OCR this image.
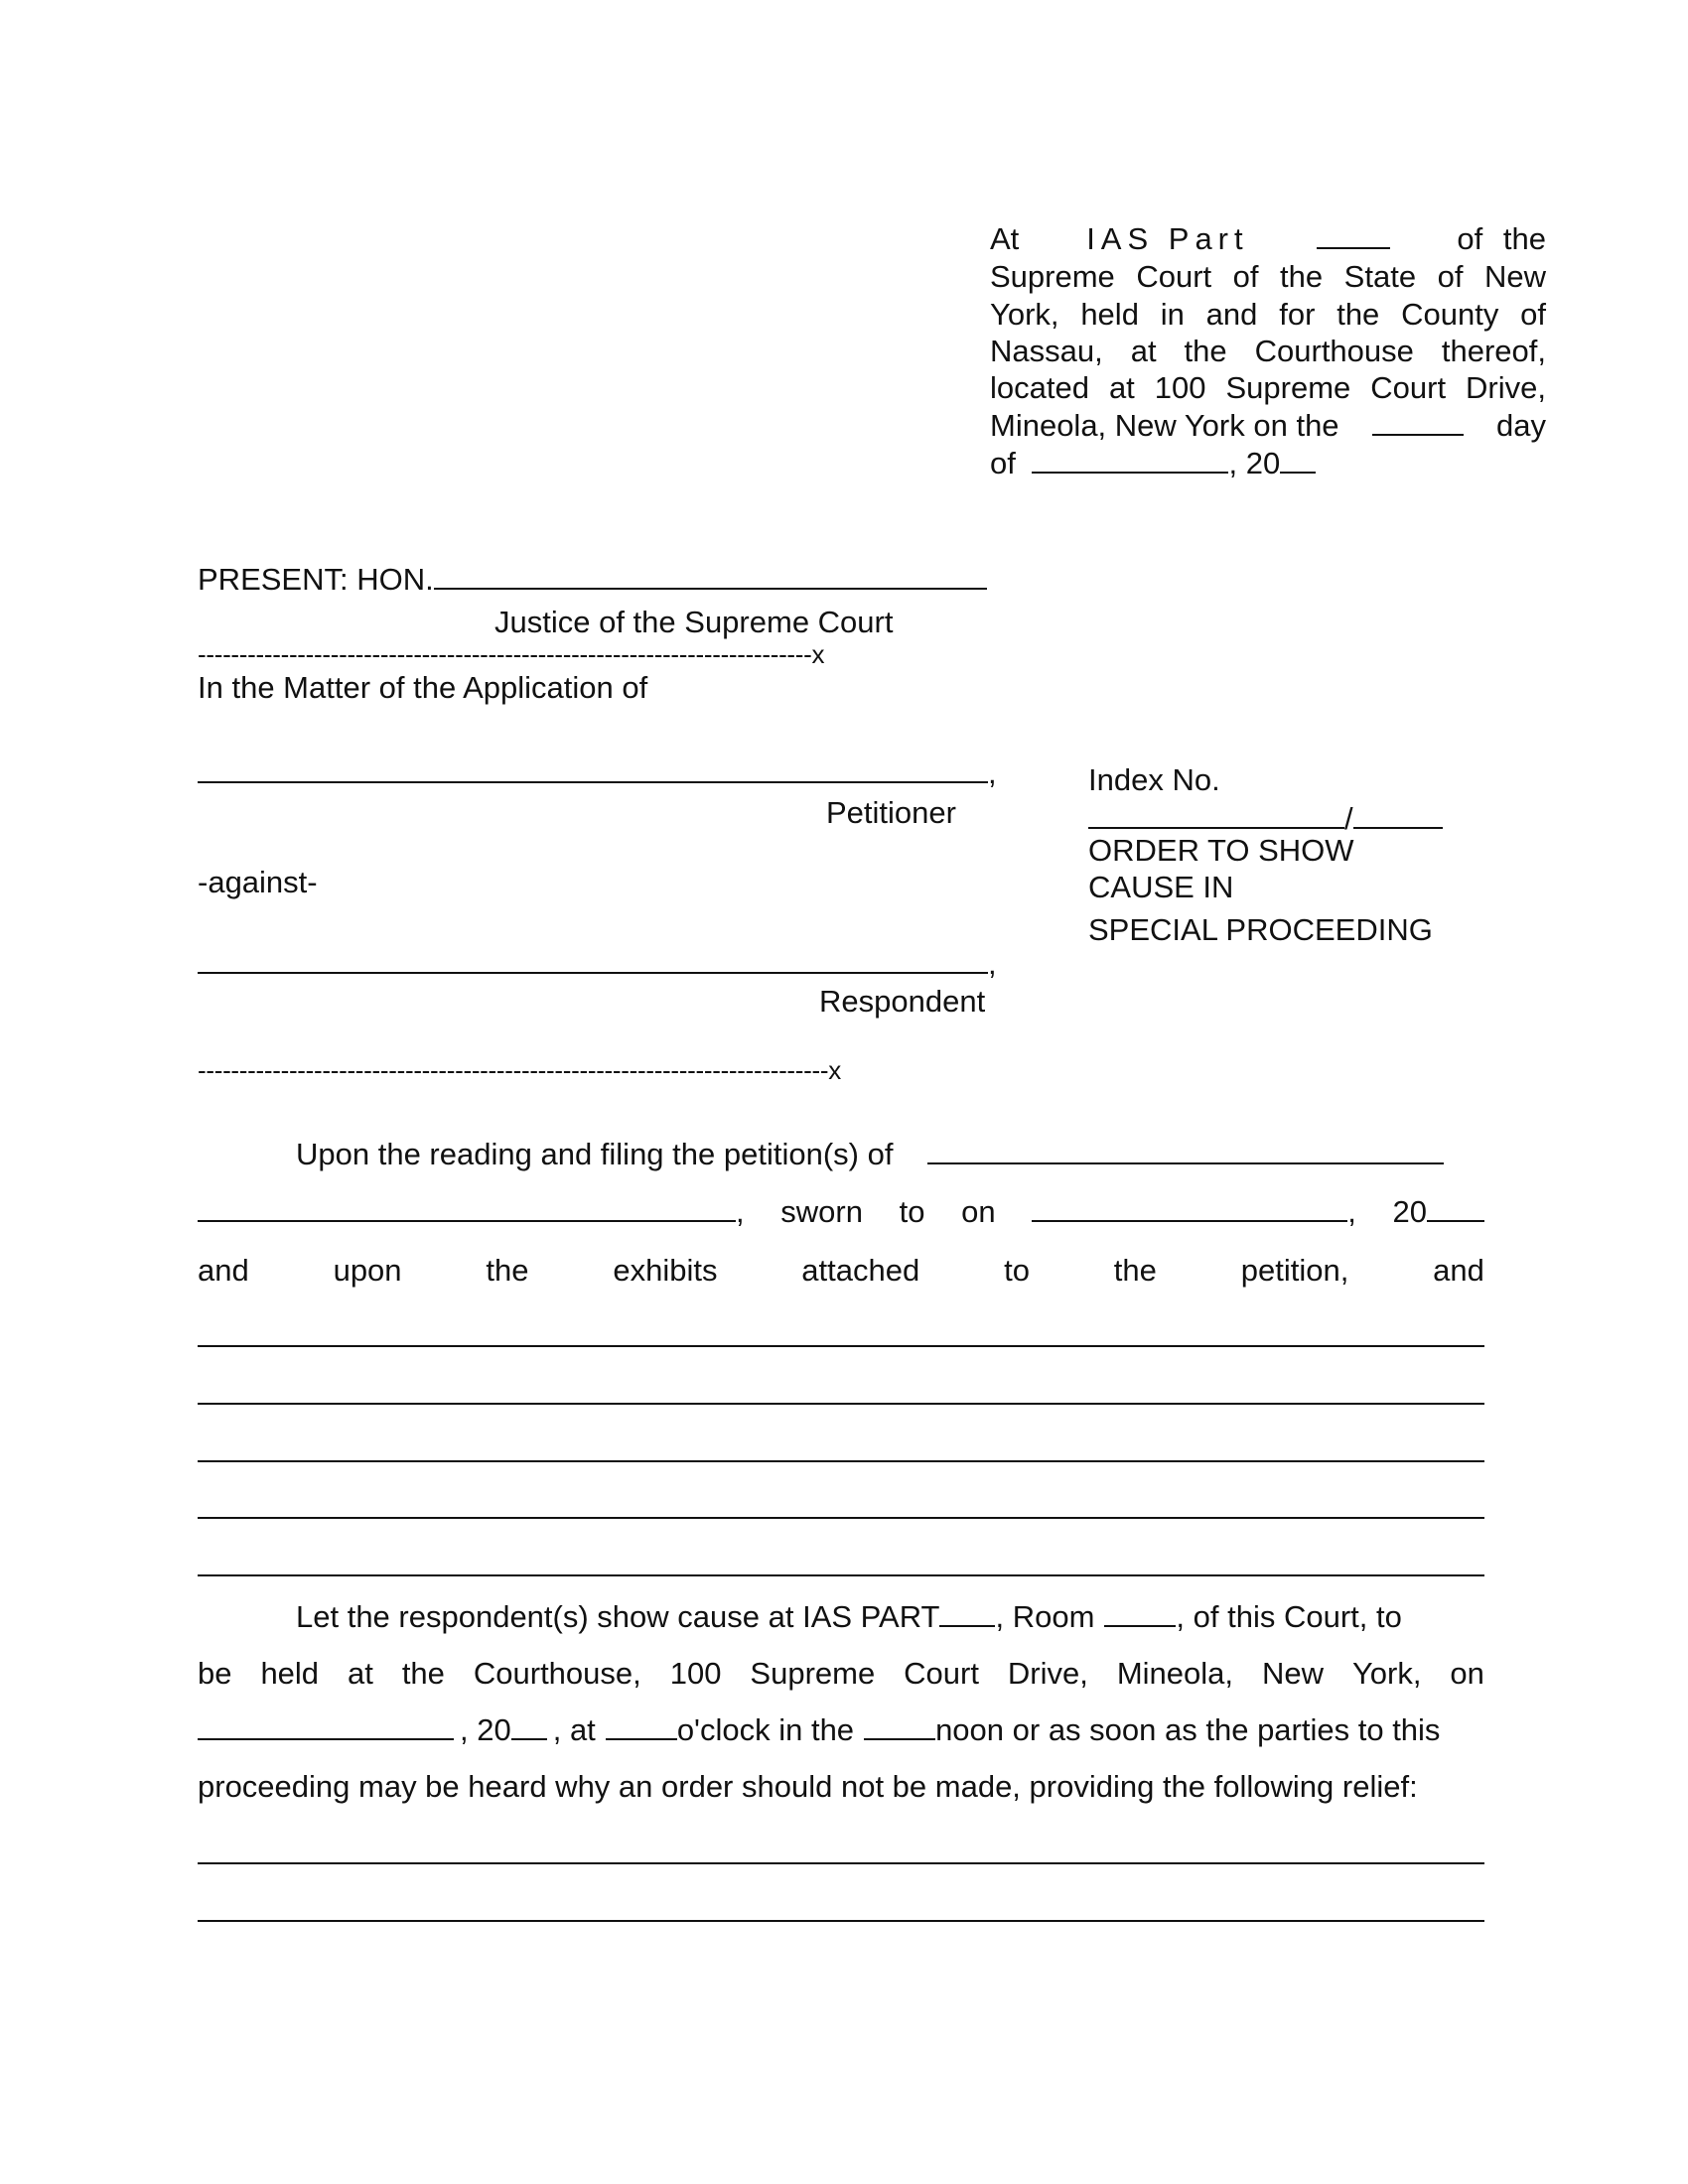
At IAS Part	of the
Supreme Court of the State of New
York, held in and for the County of
Nassau, at the Courthouse thereof,
located at 100 Supreme Court Drive,
Mineola, New York on the	day
of	, 20
PRESENT: HON.
Justice of the Supreme Court
--------------------------------------------------------------------------x
In the Matter of the Application of
,
Petitioner
-against-
,
Respondent
----------------------------------------------------------------------------x
Index No.
/
ORDER TO SHOW
CAUSE IN
SPECIAL PROCEEDING
Upon the reading and filing the petition(s) of
, sworn to on	, 20
and	upon	the	exhibits	attached	to	the	petition,	and
Let the respondent(s) show cause at IAS PART , Room	, of this Court, to
be held at the Courthouse, 100 Supreme Court Drive, Mineola, New York, on
, 20 , at	o'clock in the	noon or as soon as the parties to this
proceeding may be heard why an order should not be made, providing the following relief:
